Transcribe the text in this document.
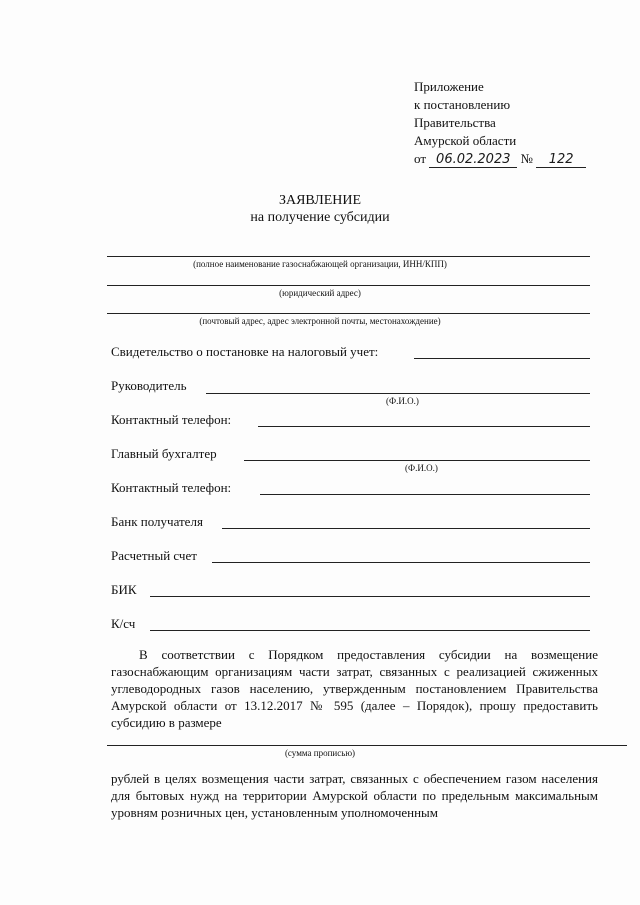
Приложение
к постановлению
Правительства
Амурской области
от 06.02.2023 № 122
ЗАЯВЛЕНИЕ
на получение субсидии
(полное наименование газоснабжающей организации, ИНН/КПП)
(юридический адрес)
(почтовый адрес, адрес электронной почты, местонахождение)
Свидетельство о постановке на налоговый учет:
Руководитель
(Ф.И.О.)
Контактный телефон:
Главный бухгалтер
(Ф.И.О.)
Контактный телефон:
Банк получателя
Расчетный счет
БИК
К/сч

В соответствии с Порядком предоставления субсидии на возмещение газоснабжающим организациям части затрат, связанных с реализацией сжиженных углеводородных газов населению, утвержденным постановлением Правительства Амурской области от 13.12.2017 № 595 (далее – Порядок), прошу предоставить субсидию в размере

(сумма прописью)

рублей в целях возмещения части затрат, связанных с обеспечением газом населения для бытовых нужд на территории Амурской области по предельным максимальным уровням розничных цен, установленным уполномоченным
